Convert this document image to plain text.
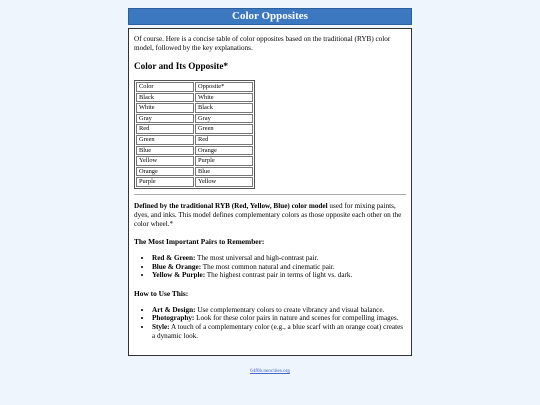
Color Opposites

Of course. Here is a concise table of color opposites based on the traditional (RYB) color model, followed by the key explanations.

Color and Its Opposite*
Color	Opposite*
Black	White
White	Black
Gray	Gray
Red	Green
Green	Red
Blue	Orange
Yellow	Purple
Orange	Blue
Purple	Yellow

Defined by the traditional RYB (Red, Yellow, Blue) color model used for mixing paints, dyes, and inks. This model defines complementary colors as those opposite each other on the color wheel.*

The Most Important Pairs to Remember:
• Red & Green: The most universal and high-contrast pair.
• Blue & Orange: The most common natural and cinematic pair.
• Yellow & Purple: The highest contrast pair in terms of light vs. dark.
How to Use This:
• Art & Design: Use complementary colors to create vibrancy and visual balance.
• Photography: Look for these color pairs in nature and scenes for compelling images.
• Style: A touch of a complementary color (e.g., a blue scarf with an orange coat) creates a dynamic look.
64f6b.neocities.org
